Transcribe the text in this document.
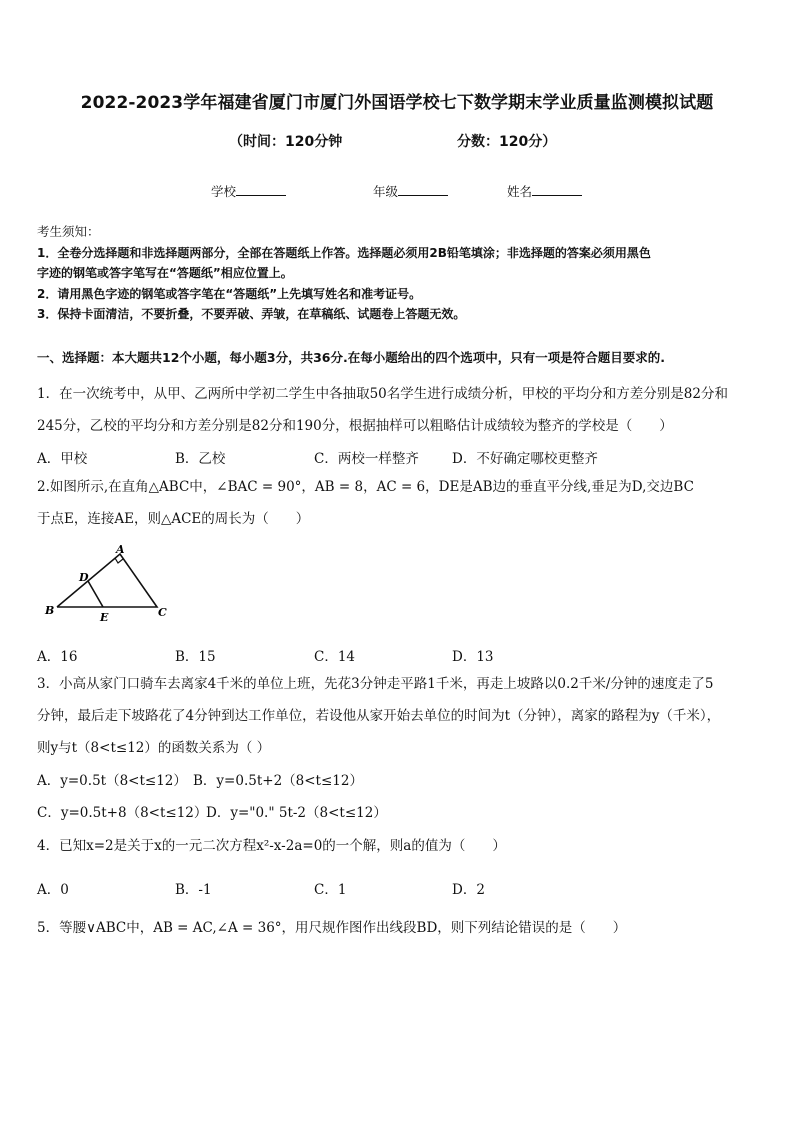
2022-2023学年福建省厦门市厦门外国语学校七下数学期末学业质量监测模拟试题
（时间：120分钟	分数：120分）
学校	年级	姓名

考生须知：

1．全卷分选择题和非选择题两部分，全部在答题纸上作答。选择题必须用2B铅笔填涂；非选择题的答案必须用黑色

字迹的钢笔或答字笔写在“答题纸”相应位置上。

2．请用黑色字迹的钢笔或答字笔在“答题纸”上先填写姓名和准考证号。

3．保持卡面清洁，不要折叠，不要弄破、弄皱，在草稿纸、试题卷上答题无效。

一、选择题：本大题共12个小题，每小题3分，共36分.在每小题给出的四个选项中，只有一项是符合题目要求的.

1．在一次统考中，从甲、乙两所中学初二学生中各抽取50名学生进行成绩分析，甲校的平均分和方差分别是82分和

245分，乙校的平均分和方差分别是82分和190分，根据抽样可以粗略估计成绩较为整齐的学校是（　　）

A．甲校	B．乙校	C．两校一样整齐 D．不好确定哪校更整齐

2.如图所示,在直角△ABC中，∠BAC = 90°，AB = 8，AC = 6，DE是AB边的垂直平分线,垂足为D,交边BC

于点E，连接AE，则△ACE的周长为（　　）

A
D
B
E	C
A．16	B．15	C．14	D．13

3．小高从家门口骑车去离家4千米的单位上班，先花3分钟走平路1千米，再走上坡路以0.2千米/分钟的速度走了5

分钟，最后走下坡路花了4分钟到达工作单位，若设他从家开始去单位的时间为t（分钟），离家的路程为y（千米），

则y与t（8<t≤12）的函数关系为（ ）

A．y=0.5t（8<t≤12） B．y=0.5t+2（8<t≤12）
C．y=0.5t+8（8<t≤12）
D．y="0." 5t-2（8<t≤12）

4．已知x=2是关于x的一元二次方程x²-x-2a=0的一个解，则a的值为（　　）

A．0	B．-1	C．1	D．2

5．等腰∨ABC中，AB = AC,∠A = 36°，用尺规作图作出线段BD，则下列结论错误的是（　　）
